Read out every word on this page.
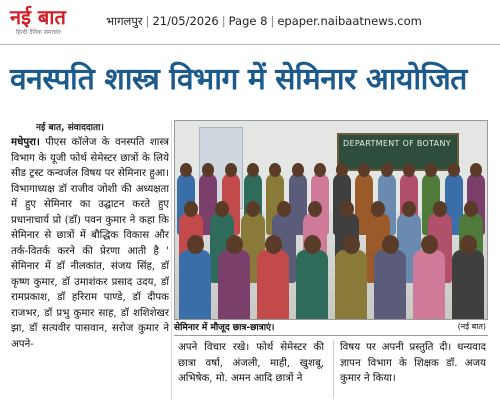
नई बात
हिन्दी दैनिक समाचार
भागलपुर | 21/05/2026 | Page 8 | epaper.naibaatnews.com
वनस्पति शास्त्र विभाग में सेमिनार आयोजित
नई बात, संवाददाता।
मधेपुरा। पीएस कॉलेज के वनस्पति शास्त्र विभाग के यूजी फोर्थ सेमेस्टर छात्रों के लिये सीड ट्रस्ट कन्वर्जल विषय पर सेमिनार हुआ। विभागाध्यक्ष डॉ राजीव जोशी की अध्यक्षता में हुए सेमिनार का उद्घाटन करते हुए प्रधानाचार्य प्रो (डॉ) पवन कुमार ने कहा कि सेमिनार से छात्रों में बौद्धिक विकास और तर्क-वितर्क करने की प्रेरणा आती है ' सेमिनार में डॉ नीलकांत, संजय सिंह, डॉ कृष्ण कुमार, डॉ उमाशंकर प्रसाद उदय, डॉ रामप्रकाश, डॉ हरिराम पाण्डे, डॉ दीपक राजभर, डॉ प्रभु कुमार साह, डॉ शशिशेखर झा, डॉ सत्यवीर पासवान, सरोज कुमार ने अपने-
DEPARTMENT OF BOTANY
सेमिनार में मौजूद छात्र-छात्राएं।	(नई बात)
अपने विचार रखे। फोर्थ सेमेस्टर की छात्रा वर्षा, अंजली, माही, खुशबू, अभिषेक, मो. अमन आदि छात्रों ने
विषय पर अपनी प्रस्तुति दी। धन्यवाद ज्ञापन विभाग के शिक्षक डॉ. अजय कुमार ने किया।
